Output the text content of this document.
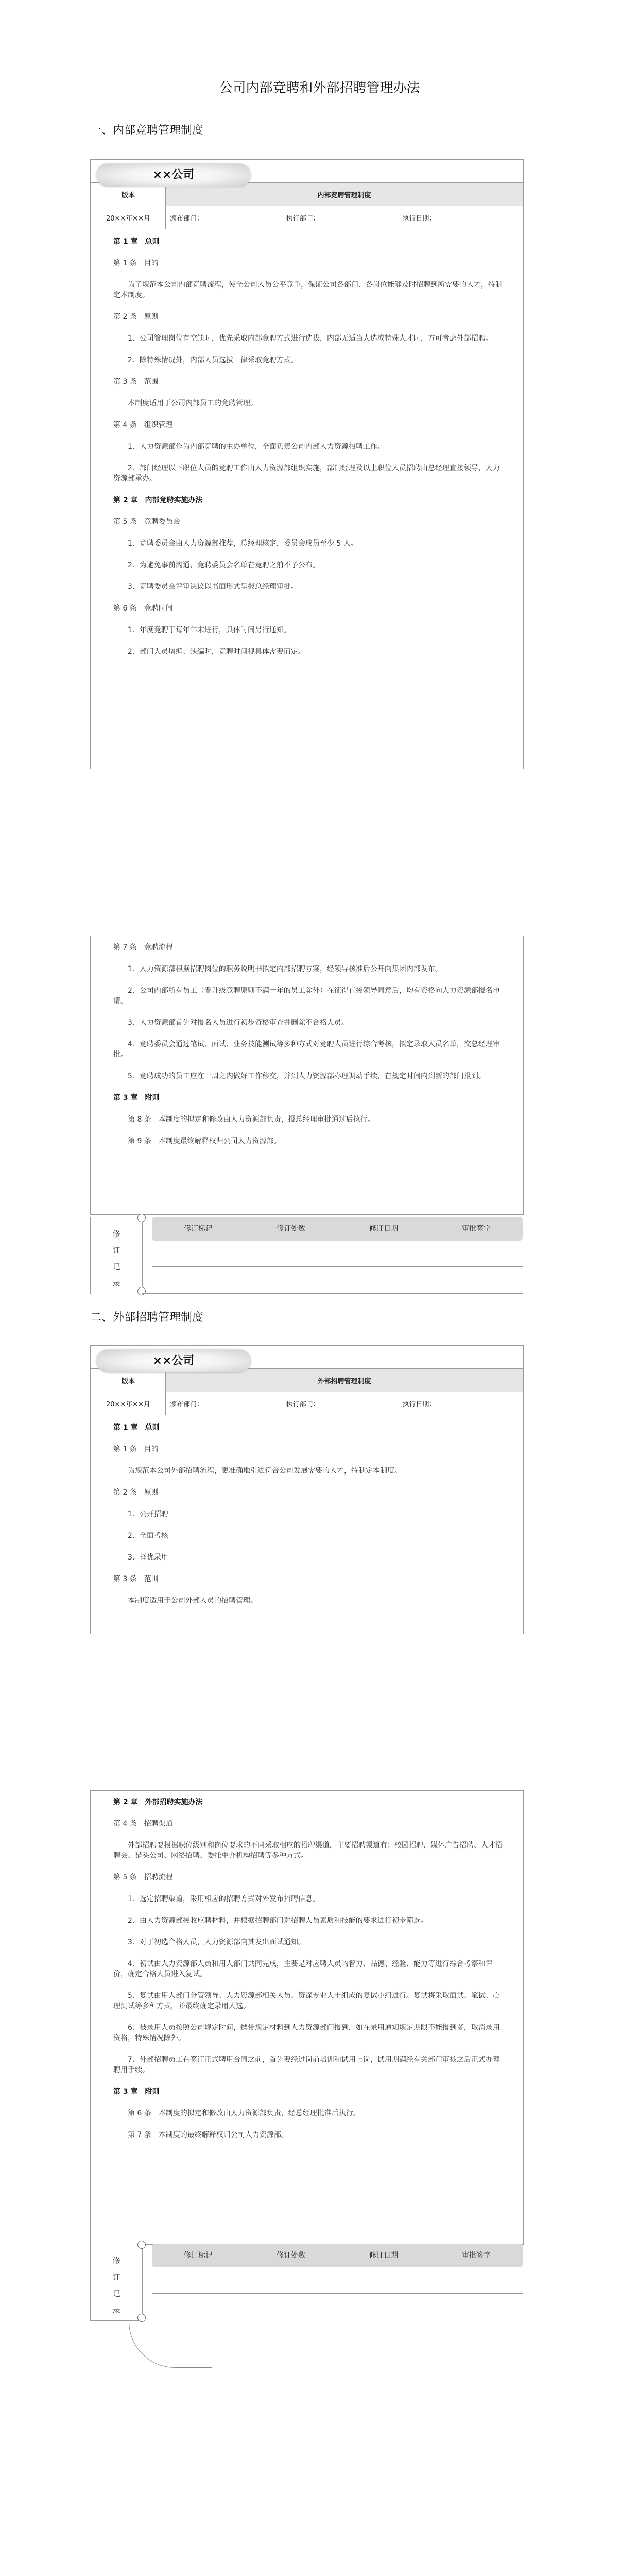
公司内部竞聘和外部招聘管理办法
一、内部竞聘管理制度
××公司	

版本	内部竞聘管理制度
20××年××月	颁布部门： 执行部门： 执行日期：

第 1 章　总则

第 1 条　目的

为了规范本公司内部竞聘流程，使全公司人员公平竞争，保证公司各部门、各岗位能够及时招聘到所需要的人才，特制定本制度。

第 2 条　原则

1．公司管理岗位有空缺时，优先采取内部竞聘方式进行选拔，内部无适当人选或特殊人才时，方可考虑外部招聘。

2．除特殊情况外，内部人员选拔一律采取竞聘方式。

第 3 条　范围

本制度适用于公司内部员工的竞聘管理。

第 4 条　组织管理

1．人力资源部作为内部竞聘的主办单位，全面负责公司内部人力资源招聘工作。

2．部门经理以下职位人员的竞聘工作由人力资源部组织实施，部门经理及以上职位人员招聘由总经理直接领导，人力资源部承办。

第 2 章　内部竞聘实施办法

第 5 条　竞聘委员会

1．竞聘委员会由人力资源部推荐，总经理核定，委员会成员至少 5 人。

2．为避免事前沟通，竞聘委员会名单在竞聘之前不予公布。

3．竞聘委员会评审决议以书面形式呈报总经理审批。

第 6 条　竞聘时间

1．年度竞聘于每年年末进行，具体时间另行通知。

2．部门人员增编、缺编时，竞聘时间视具体需要而定。

第 7 条　竞聘流程

1．人力资源部根据招聘岗位的职务说明书拟定内部招聘方案，经领导核准后公开向集团内部发布。

2．公司内部所有员工（晋升级竞聘原则不满一年的员工除外）在征得直接领导同意后，均有资格向人力资源部报名申请。

3．人力资源部首先对报名人员进行初步资格审查并删除不合格人员。

4．竞聘委员会通过笔试、面试、业务技能测试等多种方式对竞聘人员进行综合考核，拟定录取人员名单，交总经理审批。

5．竞聘成功的员工应在一周之内做好工作移交，并到人力资源部办理调动手续，在规定时间内到新的部门报到。

第 3 章　附则

第 8 条　本制度的拟定和修改由人力资源部负责，报总经理审批通过后执行。

第 9 条　本制度最终解释权归公司人力资源部。

修订记录
修订标记	修订处数	修订日期	审批签字
二、外部招聘管理制度
××公司	

版本	外部招聘管理制度
20××年××月	颁布部门： 执行部门： 执行日期：

第 1 章　总则

第 1 条　目的

为规范本公司外部招聘流程，更准确地引进符合公司发展需要的人才，特制定本制度。

第 2 条　原则

1．公开招聘

2．全面考核

3．择优录用

第 3 条　范围

本制度适用于公司外部人员的招聘管理。

第 2 章　外部招聘实施办法

第 4 条　招聘渠道

外部招聘要根据职位级别和岗位要求的不同采取相应的招聘渠道，主要招聘渠道有：校园招聘、媒体广告招聘、人才招聘会、猎头公司、网络招聘、委托中介机构招聘等多种方式。

第 5 条　招聘流程

1．选定招聘渠道，采用相应的招聘方式对外发布招聘信息。

2．由人力资源部接收应聘材料，并根据招聘部门对招聘人员素质和技能的要求进行初步筛选。

3．对于初选合格人员，人力资源部向其发出面试通知。

4．初试由人力资源部人员和用人部门共同完成，主要是对应聘人员的智力、品德、经验、能力等进行综合考察和评价，确定合格人员进入复试。

5．复试由用人部门分管领导、人力资源部相关人员、资深专业人士组成的复试小组进行。复试将采取面试、笔试、心理测试等多种方式，并最终确定录用人选。

6．被录用人员按照公司规定时间，携带规定材料到人力资源部门报到，如在录用通知规定期限不能报到者，取消录用资格，特殊情况除外。

7．外部招聘员工在签订正式聘用合同之前，首先要经过岗前培训和试用上岗，试用期满经有关部门审核之后正式办理聘用手续。

第 3 章　附则

第 6 条　本制度的拟定和修改由人力资源部负责，经总经理批准后执行。

第 7 条　本制度的最终解释权归公司人力资源部。

修订记录
修订标记	修订处数	修订日期	审批签字
